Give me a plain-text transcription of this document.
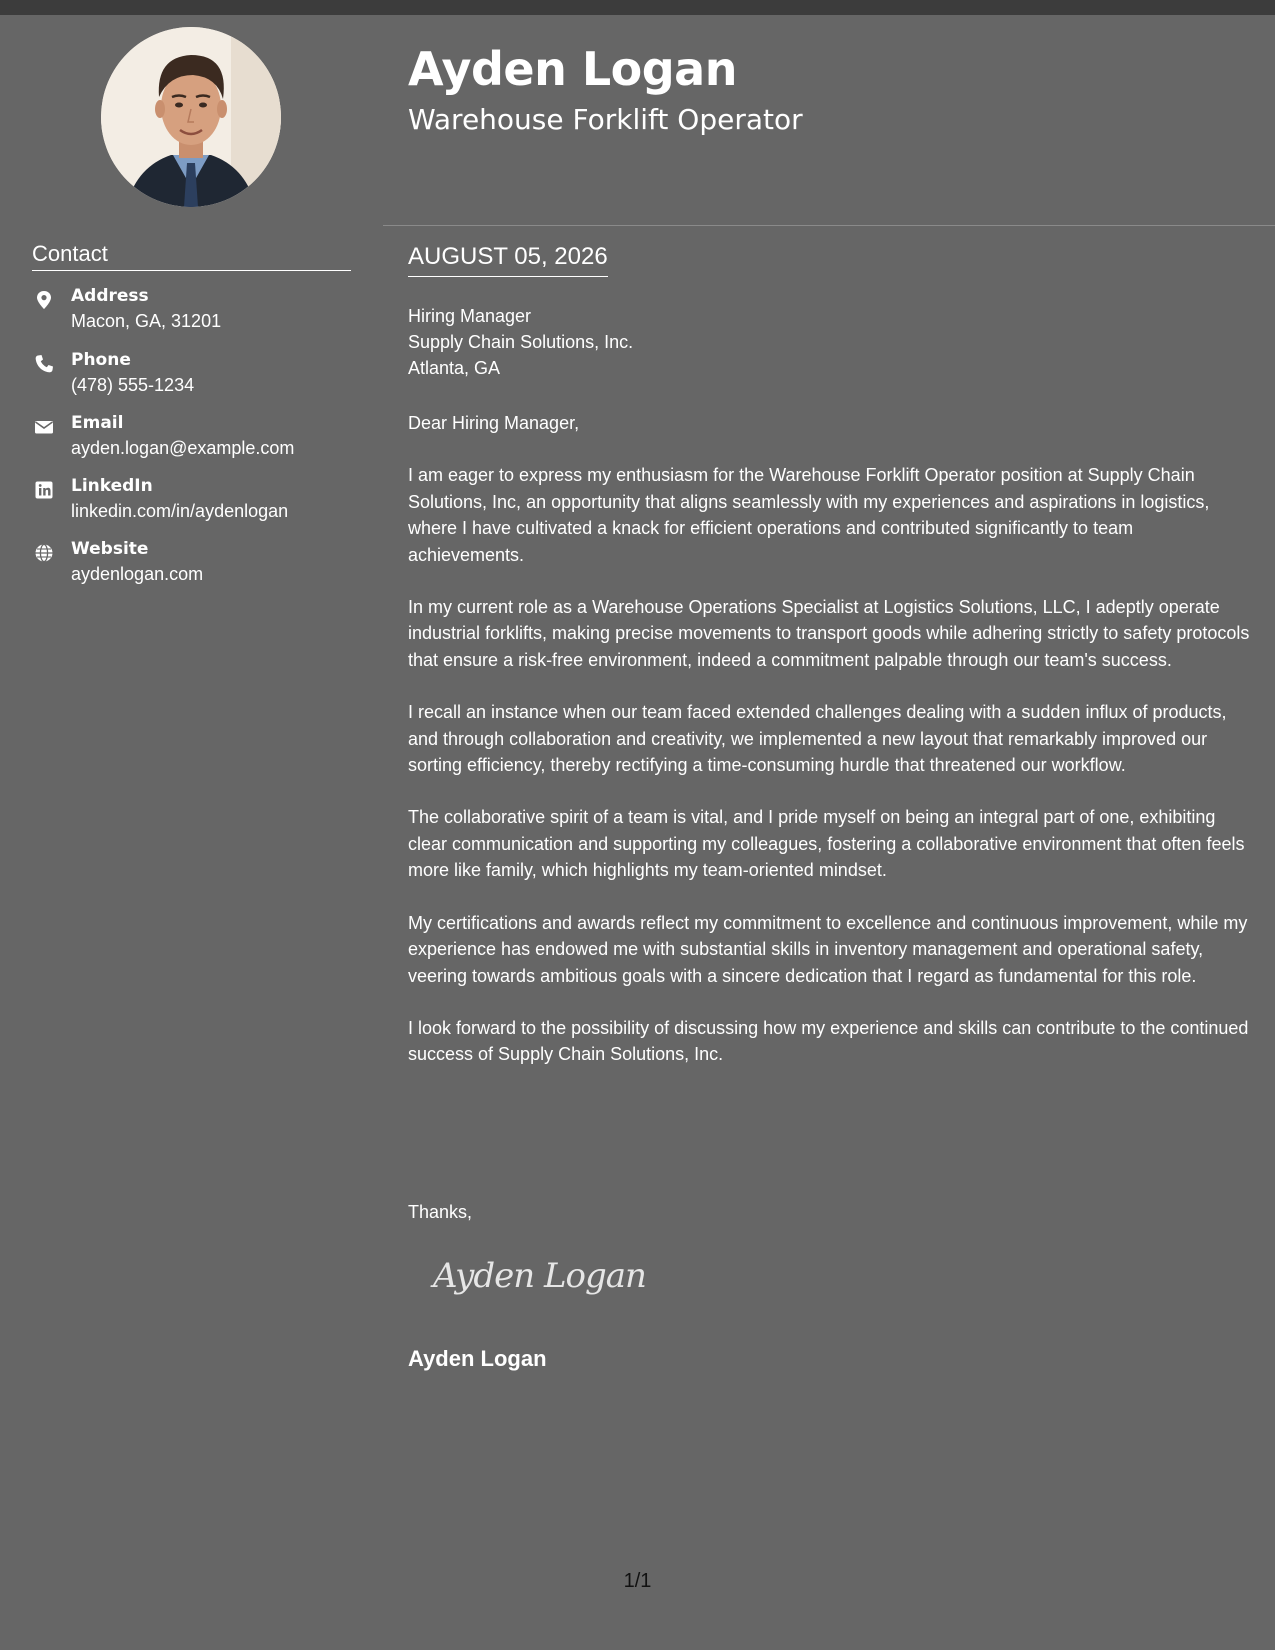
Ayden Logan
Warehouse Forklift Operator
Contact
Address
Macon, GA, 31201
Phone
(478) 555-1234
Email
ayden.logan@example.com
LinkedIn
linkedin.com/in/aydenlogan
Website
aydenlogan.com
AUGUST 05, 2026
Hiring Manager
Supply Chain Solutions, Inc.
Atlanta, GA

Dear Hiring Manager,

I am eager to express my enthusiasm for the Warehouse Forklift Operator position at Supply Chain Solutions, Inc, an opportunity that aligns seamlessly with my experiences and aspirations in logistics, where I have cultivated a knack for efficient operations and contributed significantly to team achievements.

In my current role as a Warehouse Operations Specialist at Logistics Solutions, LLC, I adeptly operate industrial forklifts, making precise movements to transport goods while adhering strictly to safety protocols that ensure a risk-free environment, indeed a commitment palpable through our team's success.

I recall an instance when our team faced extended challenges dealing with a sudden influx of products, and through collaboration and creativity, we implemented a new layout that remarkably improved our sorting efficiency, thereby rectifying a time-consuming hurdle that threatened our workflow.

The collaborative spirit of a team is vital, and I pride myself on being an integral part of one, exhibiting clear communication and supporting my colleagues, fostering a collaborative environment that often feels more like family, which highlights my team-oriented mindset.

My certifications and awards reflect my commitment to excellence and continuous improvement, while my experience has endowed me with substantial skills in inventory management and operational safety, veering towards ambitious goals with a sincere dedication that I regard as fundamental for this role.

I look forward to the possibility of discussing how my experience and skills can contribute to the continued success of Supply Chain Solutions, Inc.

Thanks,
Ayden Logan
Ayden Logan
1/1
